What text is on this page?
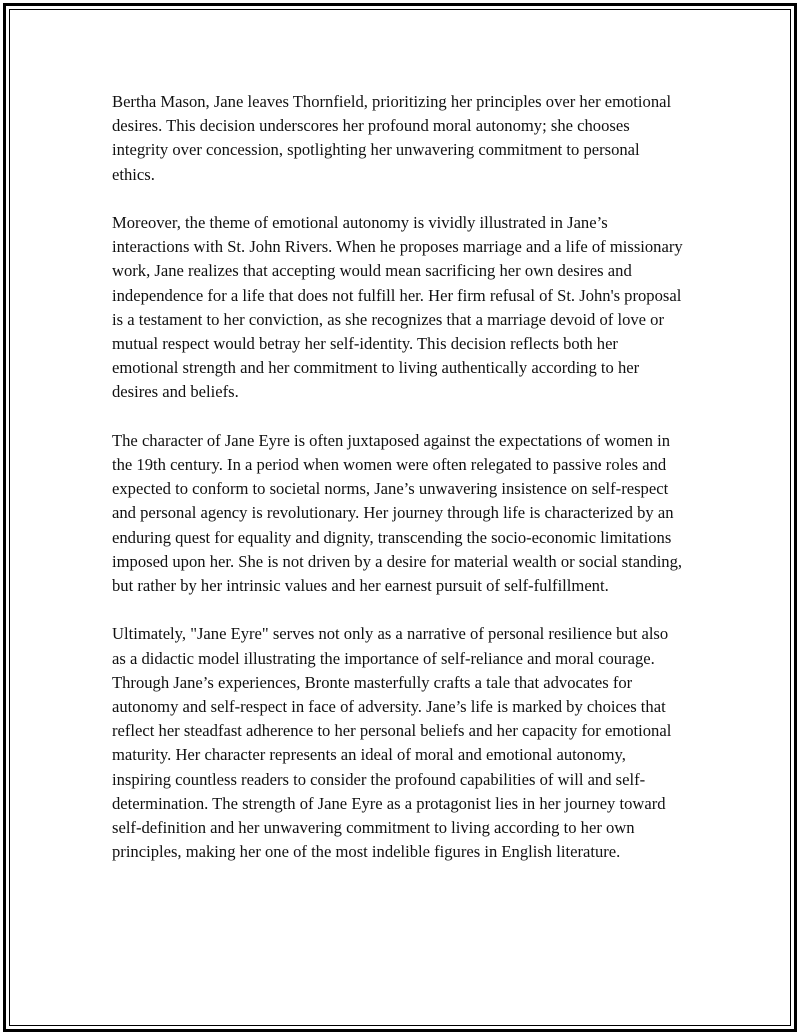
Bertha Mason, Jane leaves Thornfield, prioritizing her principles over her emotional desires. This decision underscores her profound moral autonomy; she chooses integrity over concession, spotlighting her unwavering commitment to personal ethics.

Moreover, the theme of emotional autonomy is vividly illustrated in Jane’s interactions with St. John Rivers. When he proposes marriage and a life of missionary work, Jane realizes that accepting would mean sacrificing her own desires and independence for a life that does not fulfill her. Her firm refusal of St. John's proposal is a testament to her conviction, as she recognizes that a marriage devoid of love or mutual respect would betray her self-identity. This decision reflects both her emotional strength and her commitment to living authentically according to her desires and beliefs.

The character of Jane Eyre is often juxtaposed against the expectations of women in the 19th century. In a period when women were often relegated to passive roles and expected to conform to societal norms, Jane’s unwavering insistence on self-respect and personal agency is revolutionary. Her journey through life is characterized by an enduring quest for equality and dignity, transcending the socio-economic limitations imposed upon her. She is not driven by a desire for material wealth or social standing, but rather by her intrinsic values and her earnest pursuit of self-fulfillment.

Ultimately, "Jane Eyre" serves not only as a narrative of personal resilience but also as a didactic model illustrating the importance of self-reliance and moral courage. Through Jane’s experiences, Bronte masterfully crafts a tale that advocates for autonomy and self-respect in face of adversity. Jane’s life is marked by choices that reflect her steadfast adherence to her personal beliefs and her capacity for emotional maturity. Her character represents an ideal of moral and emotional autonomy, inspiring countless readers to consider the profound capabilities of will and self-determination. The strength of Jane Eyre as a protagonist lies in her journey toward self-definition and her unwavering commitment to living according to her own principles, making her one of the most indelible figures in English literature.
